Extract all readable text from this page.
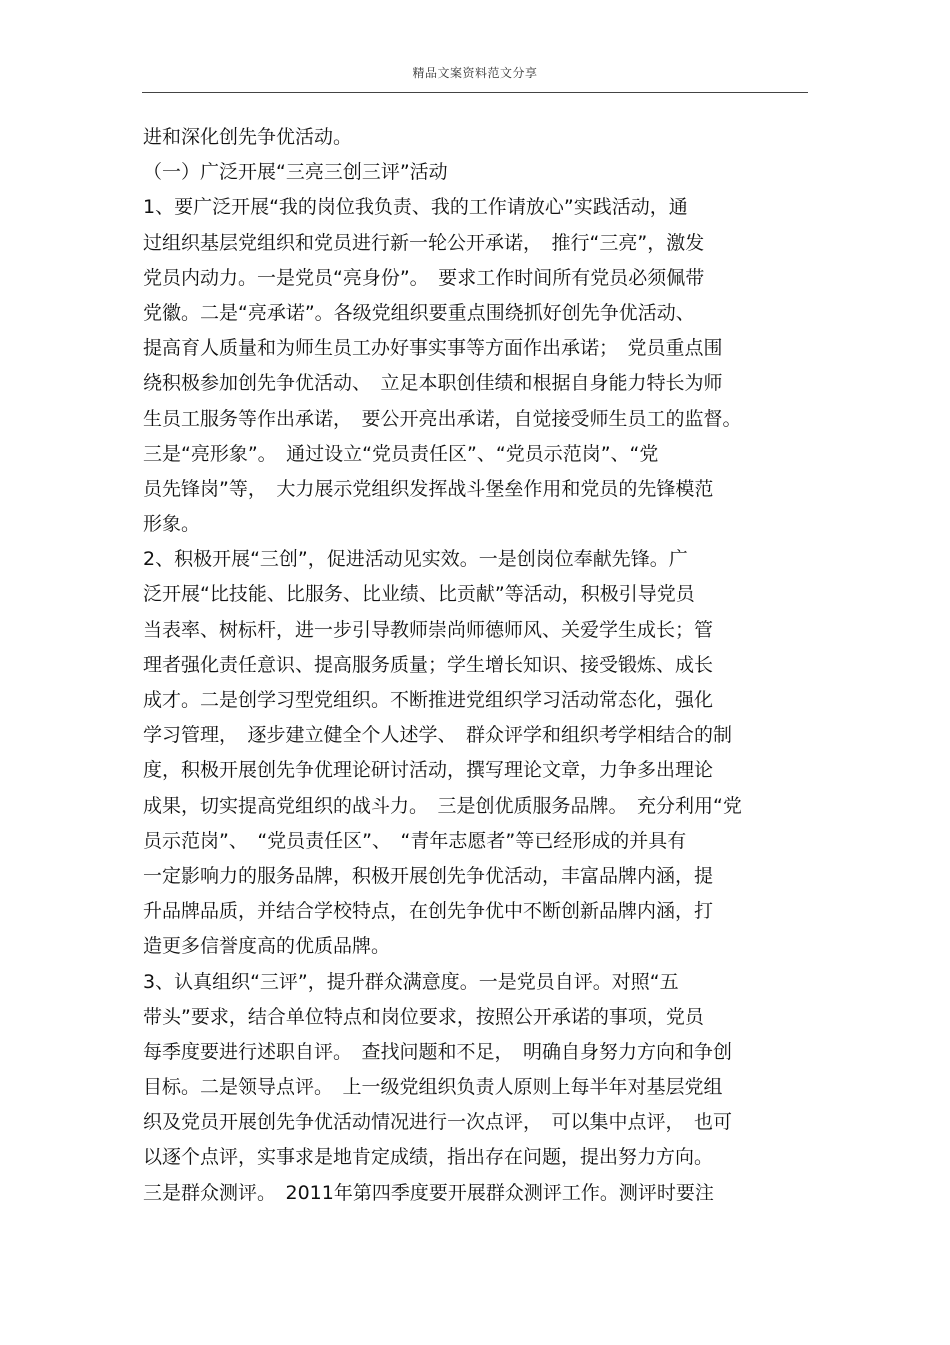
精品文案资料范文分享
进和深化创先争优活动。
（一）广泛开展“三亮三创三评”活动
1、要广泛开展“我的岗位我负责、我的工作请放心”实践活动，通
过组织基层党组织和党员进行新一轮公开承诺，　推行“三亮”，激发
党员内动力。一是党员“亮身份”。　要求工作时间所有党员必须佩带
党徽。二是“亮承诺”。各级党组织要重点围绕抓好创先争优活动、
提高育人质量和为师生员工办好事实事等方面作出承诺；　党员重点围
绕积极参加创先争优活动、　立足本职创佳绩和根据自身能力特长为师
生员工服务等作出承诺，　要公开亮出承诺，自觉接受师生员工的监督。
三是“亮形象”。　通过设立“党员责任区”、“党员示范岗”、“党
员先锋岗”等，　大力展示党组织发挥战斗堡垒作用和党员的先锋模范
形象。
2、积极开展“三创”，促进活动见实效。一是创岗位奉献先锋。广
泛开展“比技能、比服务、比业绩、比贡献”等活动，积极引导党员
当表率、树标杆，进一步引导教师崇尚师德师风、关爱学生成长；管
理者强化责任意识、提高服务质量；学生增长知识、接受锻炼、成长
成才。二是创学习型党组织。不断推进党组织学习活动常态化，强化
学习管理，　逐步建立健全个人述学、　群众评学和组织考学相结合的制
度，积极开展创先争优理论研讨活动，撰写理论文章，力争多出理论
成果，切实提高党组织的战斗力。　三是创优质服务品牌。　充分利用“党
员示范岗”、　“党员责任区”、　“青年志愿者”等已经形成的并具有
一定影响力的服务品牌，积极开展创先争优活动，丰富品牌内涵，提
升品牌品质，并结合学校特点，在创先争优中不断创新品牌内涵，打
造更多信誉度高的优质品牌。
3、认真组织“三评”，提升群众满意度。一是党员自评。对照“五
带头”要求，结合单位特点和岗位要求，按照公开承诺的事项，党员
每季度要进行述职自评。　查找问题和不足，　明确自身努力方向和争创
目标。二是领导点评。　上一级党组织负责人原则上每半年对基层党组
织及党员开展创先争优活动情况进行一次点评，　可以集中点评，　也可
以逐个点评，实事求是地肯定成绩，指出存在问题，提出努力方向。
三是群众测评。　2011年第四季度要开展群众测评工作。测评时要注
